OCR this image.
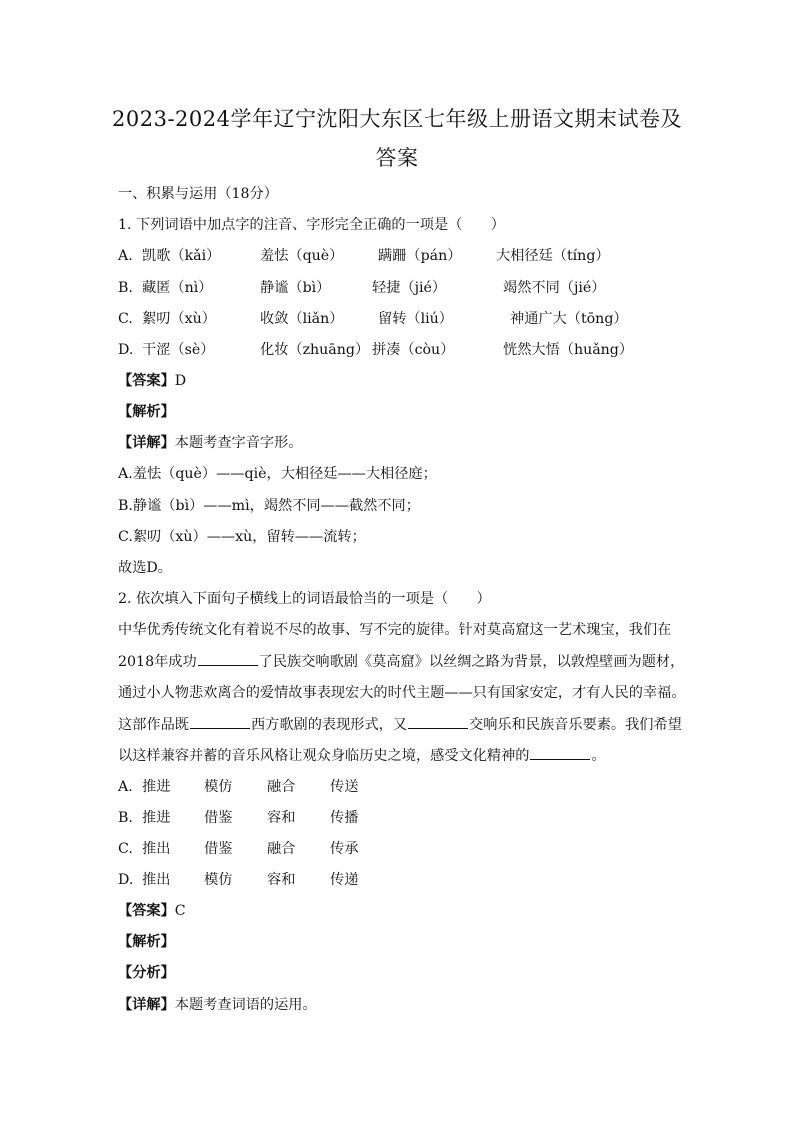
2023-2024学年辽宁沈阳大东区七年级上册语文期末试卷及
答案
一、积累与运用（18分）
1. 下列词语中加点字的注音、字形完全正确的一项是（　　）
A. 凯歌（kǎi）	羞怯（què） 蹒跚（pán） 大相径廷（tíng）
B. 藏匿（nì）	静谧（bì）	轻捷（jié）	竭然不同（jié）
C. 絮叨（xù）	收敛（liǎn） 留转（liú）	神通广大（tōng）
D. 干涩（sè）	化妆（zhuāng） 拼凑（còu）	恍然大悟（huǎng）
【答案】D
【解析】
【详解】本题考查字音字形。
A.羞怯（què）——qiè，大相径廷——大相径庭；
B.静谧（bì）——mì，竭然不同——截然不同；
C.絮叨（xù）——xù，留转——流转；
故选D。
2. 依次填入下面句子横线上的词语最恰当的一项是（　　）
中华优秀传统文化有着说不尽的故事、写不完的旋律。针对莫高窟这一艺术瑰宝，我们在
2018年成功	了民族交响歌剧《莫高窟》以丝绸之路为背景，以敦煌壁画为题材，
通过小人物悲欢离合的爱情故事表现宏大的时代主题——只有国家安定，才有人民的幸福。
这部作品既	西方歌剧的表现形式，又	交响乐和民族音乐要素。我们希望
以这样兼容并蓄的音乐风格让观众身临历史之境，感受文化精神的	。
A. 推进 模仿 融合 传送
B. 推进 借鉴 容和 传播
C. 推出 借鉴 融合 传承
D. 推出 模仿 容和 传递
【答案】C
【解析】
【分析】
【详解】本题考查词语的运用。
